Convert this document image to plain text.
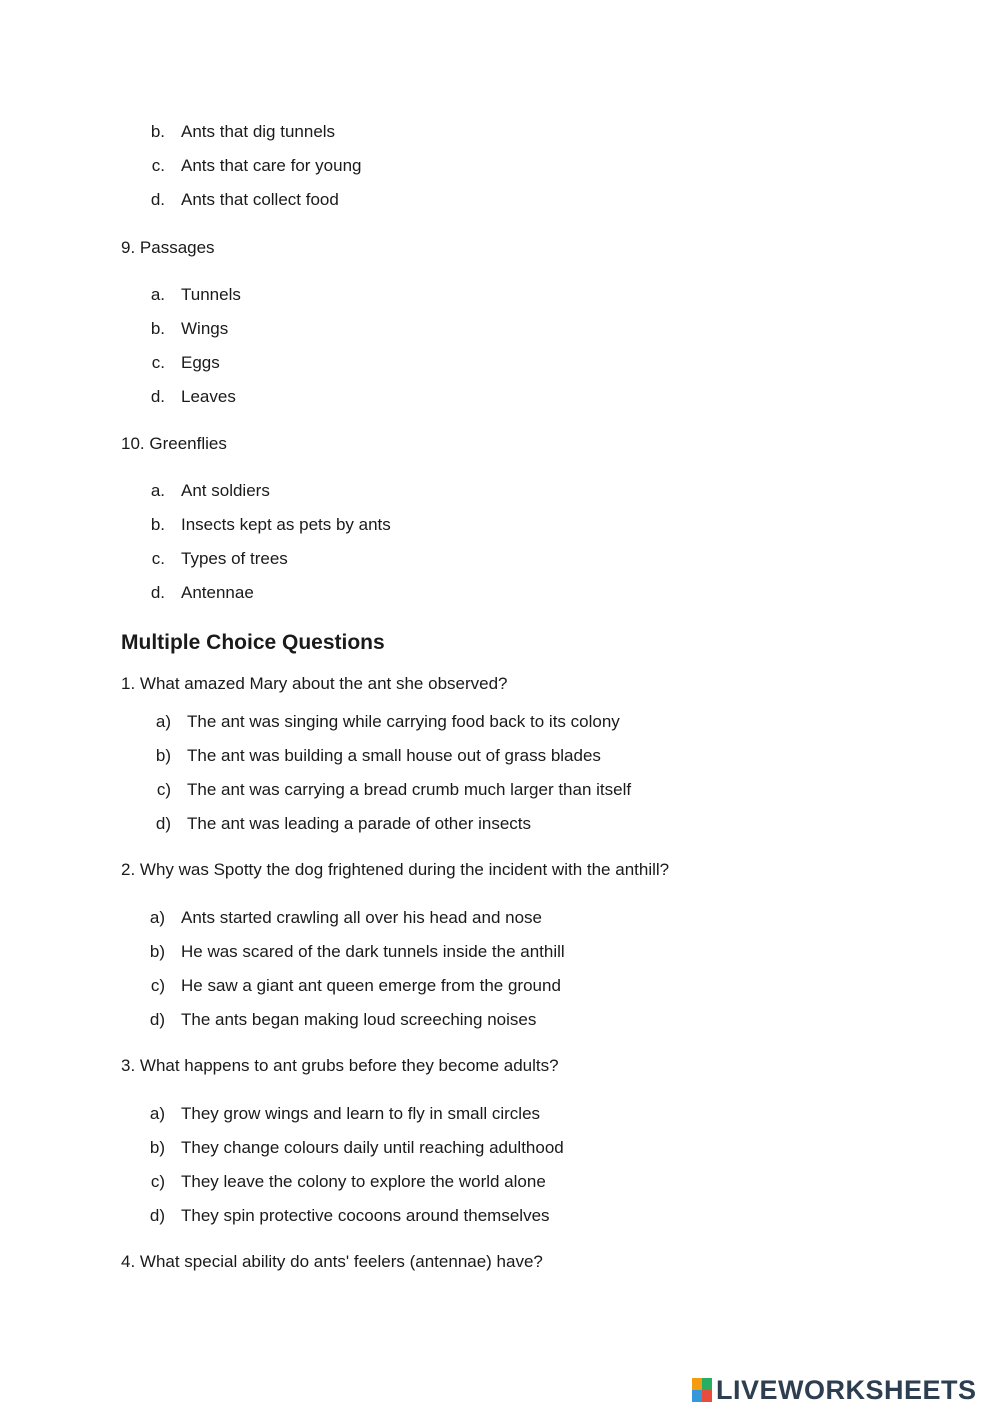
b. Ants that dig tunnels
c. Ants that care for young
d. Ants that collect food
9. Passages
a. Tunnels
b. Wings
c. Eggs
d. Leaves
10. Greenflies
a. Ant soldiers
b. Insects kept as pets by ants
c. Types of trees
d. Antennae
Multiple Choice Questions
1. What amazed Mary about the ant she observed?
a) The ant was singing while carrying food back to its colony
b) The ant was building a small house out of grass blades
c) The ant was carrying a bread crumb much larger than itself
d) The ant was leading a parade of other insects
2. Why was Spotty the dog frightened during the incident with the anthill?
a) Ants started crawling all over his head and nose
b) He was scared of the dark tunnels inside the anthill
c) He saw a giant ant queen emerge from the ground
d) The ants began making loud screeching noises
3. What happens to ant grubs before they become adults?
a) They grow wings and learn to fly in small circles
b) They change colours daily until reaching adulthood
c) They leave the colony to explore the world alone
d) They spin protective cocoons around themselves
4. What special ability do ants' feelers (antennae) have?
LIVEWORKSHEETS
